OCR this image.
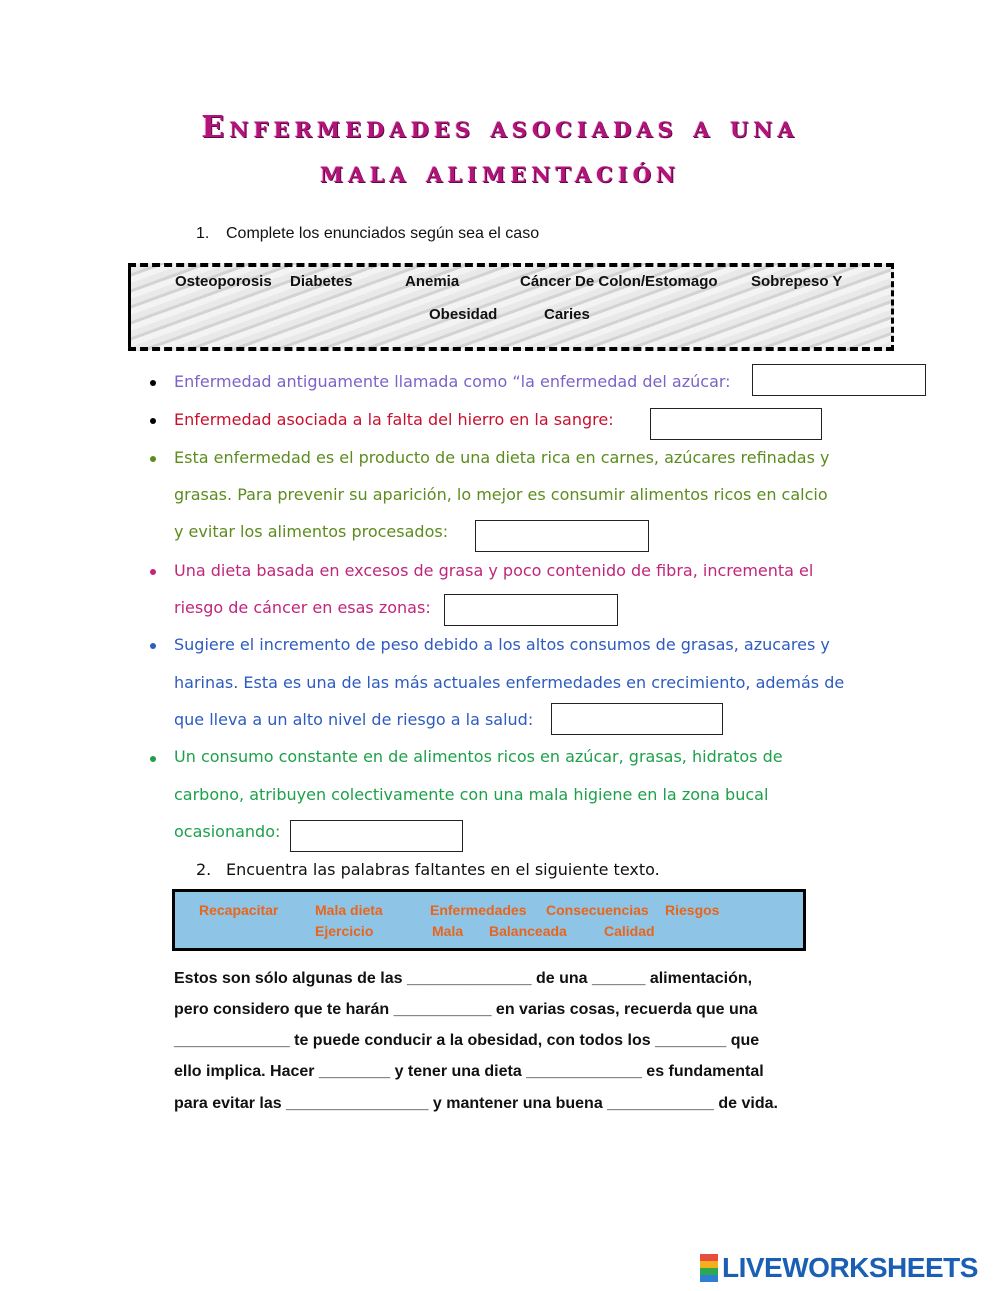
Enfermedades asociadas a una
mala alimentación
1. Complete los enunciados según sea el caso
Osteoporosis Diabetes	Anemia	Cáncer De Colon/Estomago Sobrepeso Y
Obesidad	Caries
Enfermedad antiguamente llamada como “la enfermedad del azúcar:
Enfermedad asociada a la falta del hierro en la sangre:
Esta enfermedad es el producto de una dieta rica en carnes, azúcares refinadas y
grasas. Para prevenir su aparición, lo mejor es consumir alimentos ricos en calcio
y evitar los alimentos procesados:
Una dieta basada en excesos de grasa y poco contenido de fibra, incrementa el
riesgo de cáncer en esas zonas:
Sugiere el incremento de peso debido a los altos consumos de grasas, azucares y
harinas. Esta es una de las más actuales enfermedades en crecimiento, además de
que lleva a un alto nivel de riesgo a la salud:
Un consumo constante en de alimentos ricos en azúcar, grasas, hidratos de
carbono, atribuyen colectivamente con una mala higiene en la zona bucal
ocasionando:
2. Encuentra las palabras faltantes en el siguiente texto.
Recapacitar	Mala dieta	Enfermedades Consecuencias Riesgos
Ejercicio	Mala Balanceada	Calidad
Estos son sólo algunas de las ______________ de una ______ alimentación,
pero considero que te harán ___________ en varias cosas, recuerda que una
_____________ te puede conducir a la obesidad, con todos los ________ que
ello implica. Hacer ________ y tener una dieta _____________ es fundamental
para evitar las ________________ y mantener una buena ____________ de vida.
LIVEWORKSHEETS
